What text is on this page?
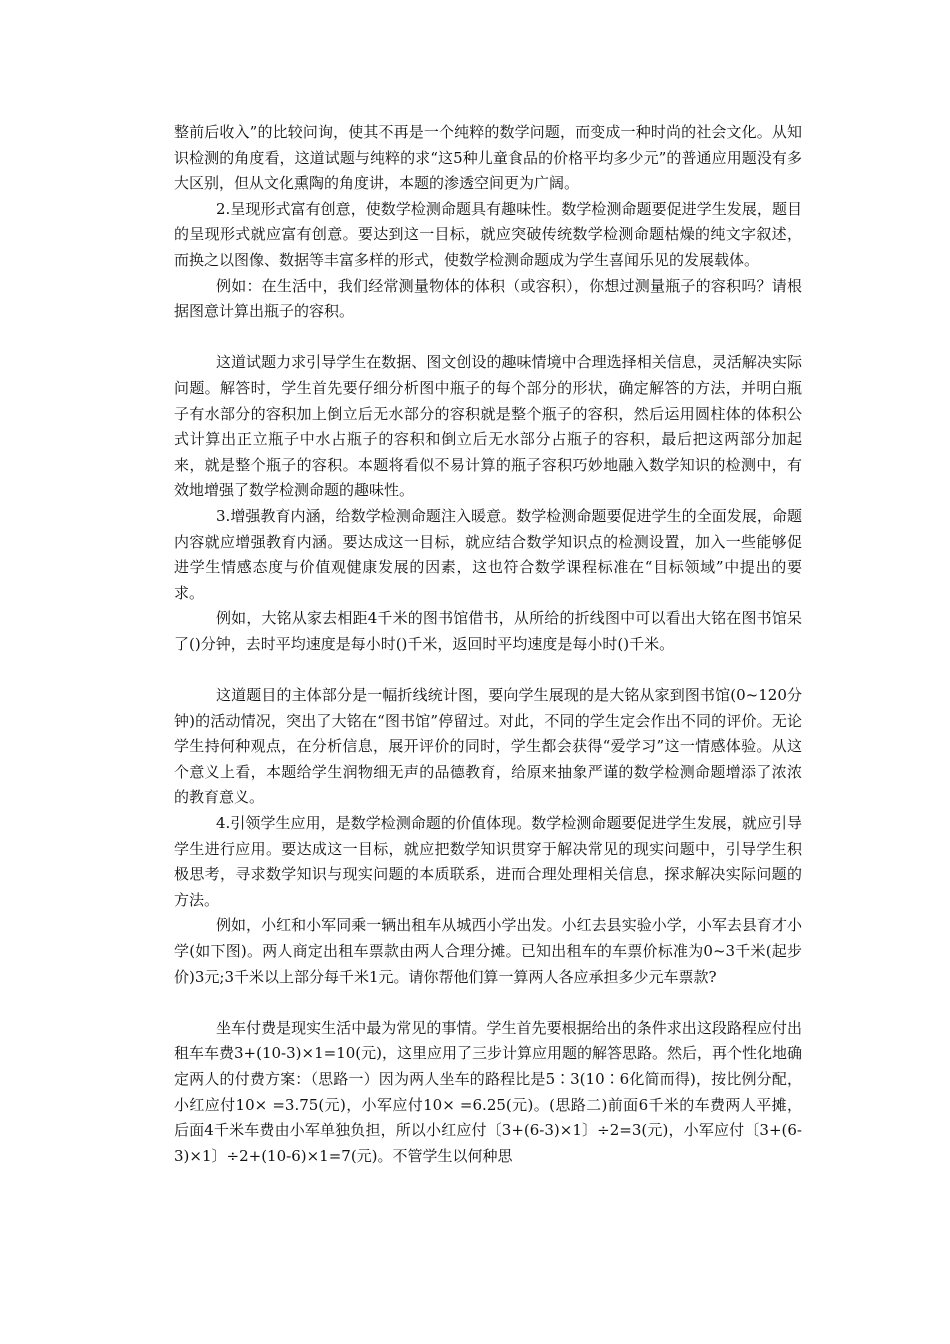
整前后收入”的比较问询，使其不再是一个纯粹的数学问题，而变成一种时尚的社会文化。从知识检测的角度看，这道试题与纯粹的求“这5种儿童食品的价格平均多少元”的普通应用题没有多大区别，但从文化熏陶的角度讲，本题的渗透空间更为广阔。

2.呈现形式富有创意，使数学检测命题具有趣味性。数学检测命题要促进学生发展，题目的呈现形式就应富有创意。要达到这一目标，就应突破传统数学检测命题枯燥的纯文字叙述，而换之以图像、数据等丰富多样的形式，使数学检测命题成为学生喜闻乐见的发展载体。

例如：在生活中，我们经常测量物体的体积（或容积），你想过测量瓶子的容积吗？请根据图意计算出瓶子的容积。

这道试题力求引导学生在数据、图文创设的趣味情境中合理选择相关信息，灵活解决实际问题。解答时，学生首先要仔细分析图中瓶子的每个部分的形状，确定解答的方法，并明白瓶子有水部分的容积加上倒立后无水部分的容积就是整个瓶子的容积，然后运用圆柱体的体积公式计算出正立瓶子中水占瓶子的容积和倒立后无水部分占瓶子的容积，最后把这两部分加起来，就是整个瓶子的容积。本题将看似不易计算的瓶子容积巧妙地融入数学知识的检测中，有效地增强了数学检测命题的趣味性。

3.增强教育内涵，给数学检测命题注入暖意。数学检测命题要促进学生的全面发展，命题内容就应增强教育内涵。要达成这一目标，就应结合数学知识点的检测设置，加入一些能够促进学生情感态度与价值观健康发展的因素，这也符合数学课程标准在“目标领域”中提出的要求。

例如，大铭从家去相距4千米的图书馆借书，从所给的折线图中可以看出大铭在图书馆呆了()分钟，去时平均速度是每小时()千米，返回时平均速度是每小时()千米。

这道题目的主体部分是一幅折线统计图，要向学生展现的是大铭从家到图书馆(0~120分钟)的活动情况，突出了大铭在“图书馆”停留过。对此，不同的学生定会作出不同的评价。无论学生持何种观点，在分析信息，展开评价的同时，学生都会获得“爱学习”这一情感体验。从这个意义上看，本题给学生润物细无声的品德教育，给原来抽象严谨的数学检测命题增添了浓浓的教育意义。

4.引领学生应用，是数学检测命题的价值体现。数学检测命题要促进学生发展，就应引导学生进行应用。要达成这一目标，就应把数学知识贯穿于解决常见的现实问题中，引导学生积极思考，寻求数学知识与现实问题的本质联系，进而合理处理相关信息，探求解决实际问题的方法。

例如，小红和小军同乘一辆出租车从城西小学出发。小红去县实验小学，小军去县育才小学(如下图)。两人商定出租车票款由两人合理分摊。已知出租车的车票价标准为0~3千米(起步价)3元;3千米以上部分每千米1元。请你帮他们算一算两人各应承担多少元车票款?

坐车付费是现实生活中最为常见的事情。学生首先要根据给出的条件求出这段路程应付出租车车费3+(10-3)×1=10(元)，这里应用了三步计算应用题的解答思路。然后，再个性化地确定两人的付费方案：（思路一）因为两人坐车的路程比是5∶3(10∶6化简而得)，按比例分配，小红应付10× =3.75(元)，小军应付10× =6.25(元)。(思路二)前面6千米的车费两人平摊，后面4千米车费由小军单独负担，所以小红应付〔3+(6-3)×1〕÷2=3(元)，小军应付〔3+(6-3)×1〕÷2+(10-6)×1=7(元)。不管学生以何种思
